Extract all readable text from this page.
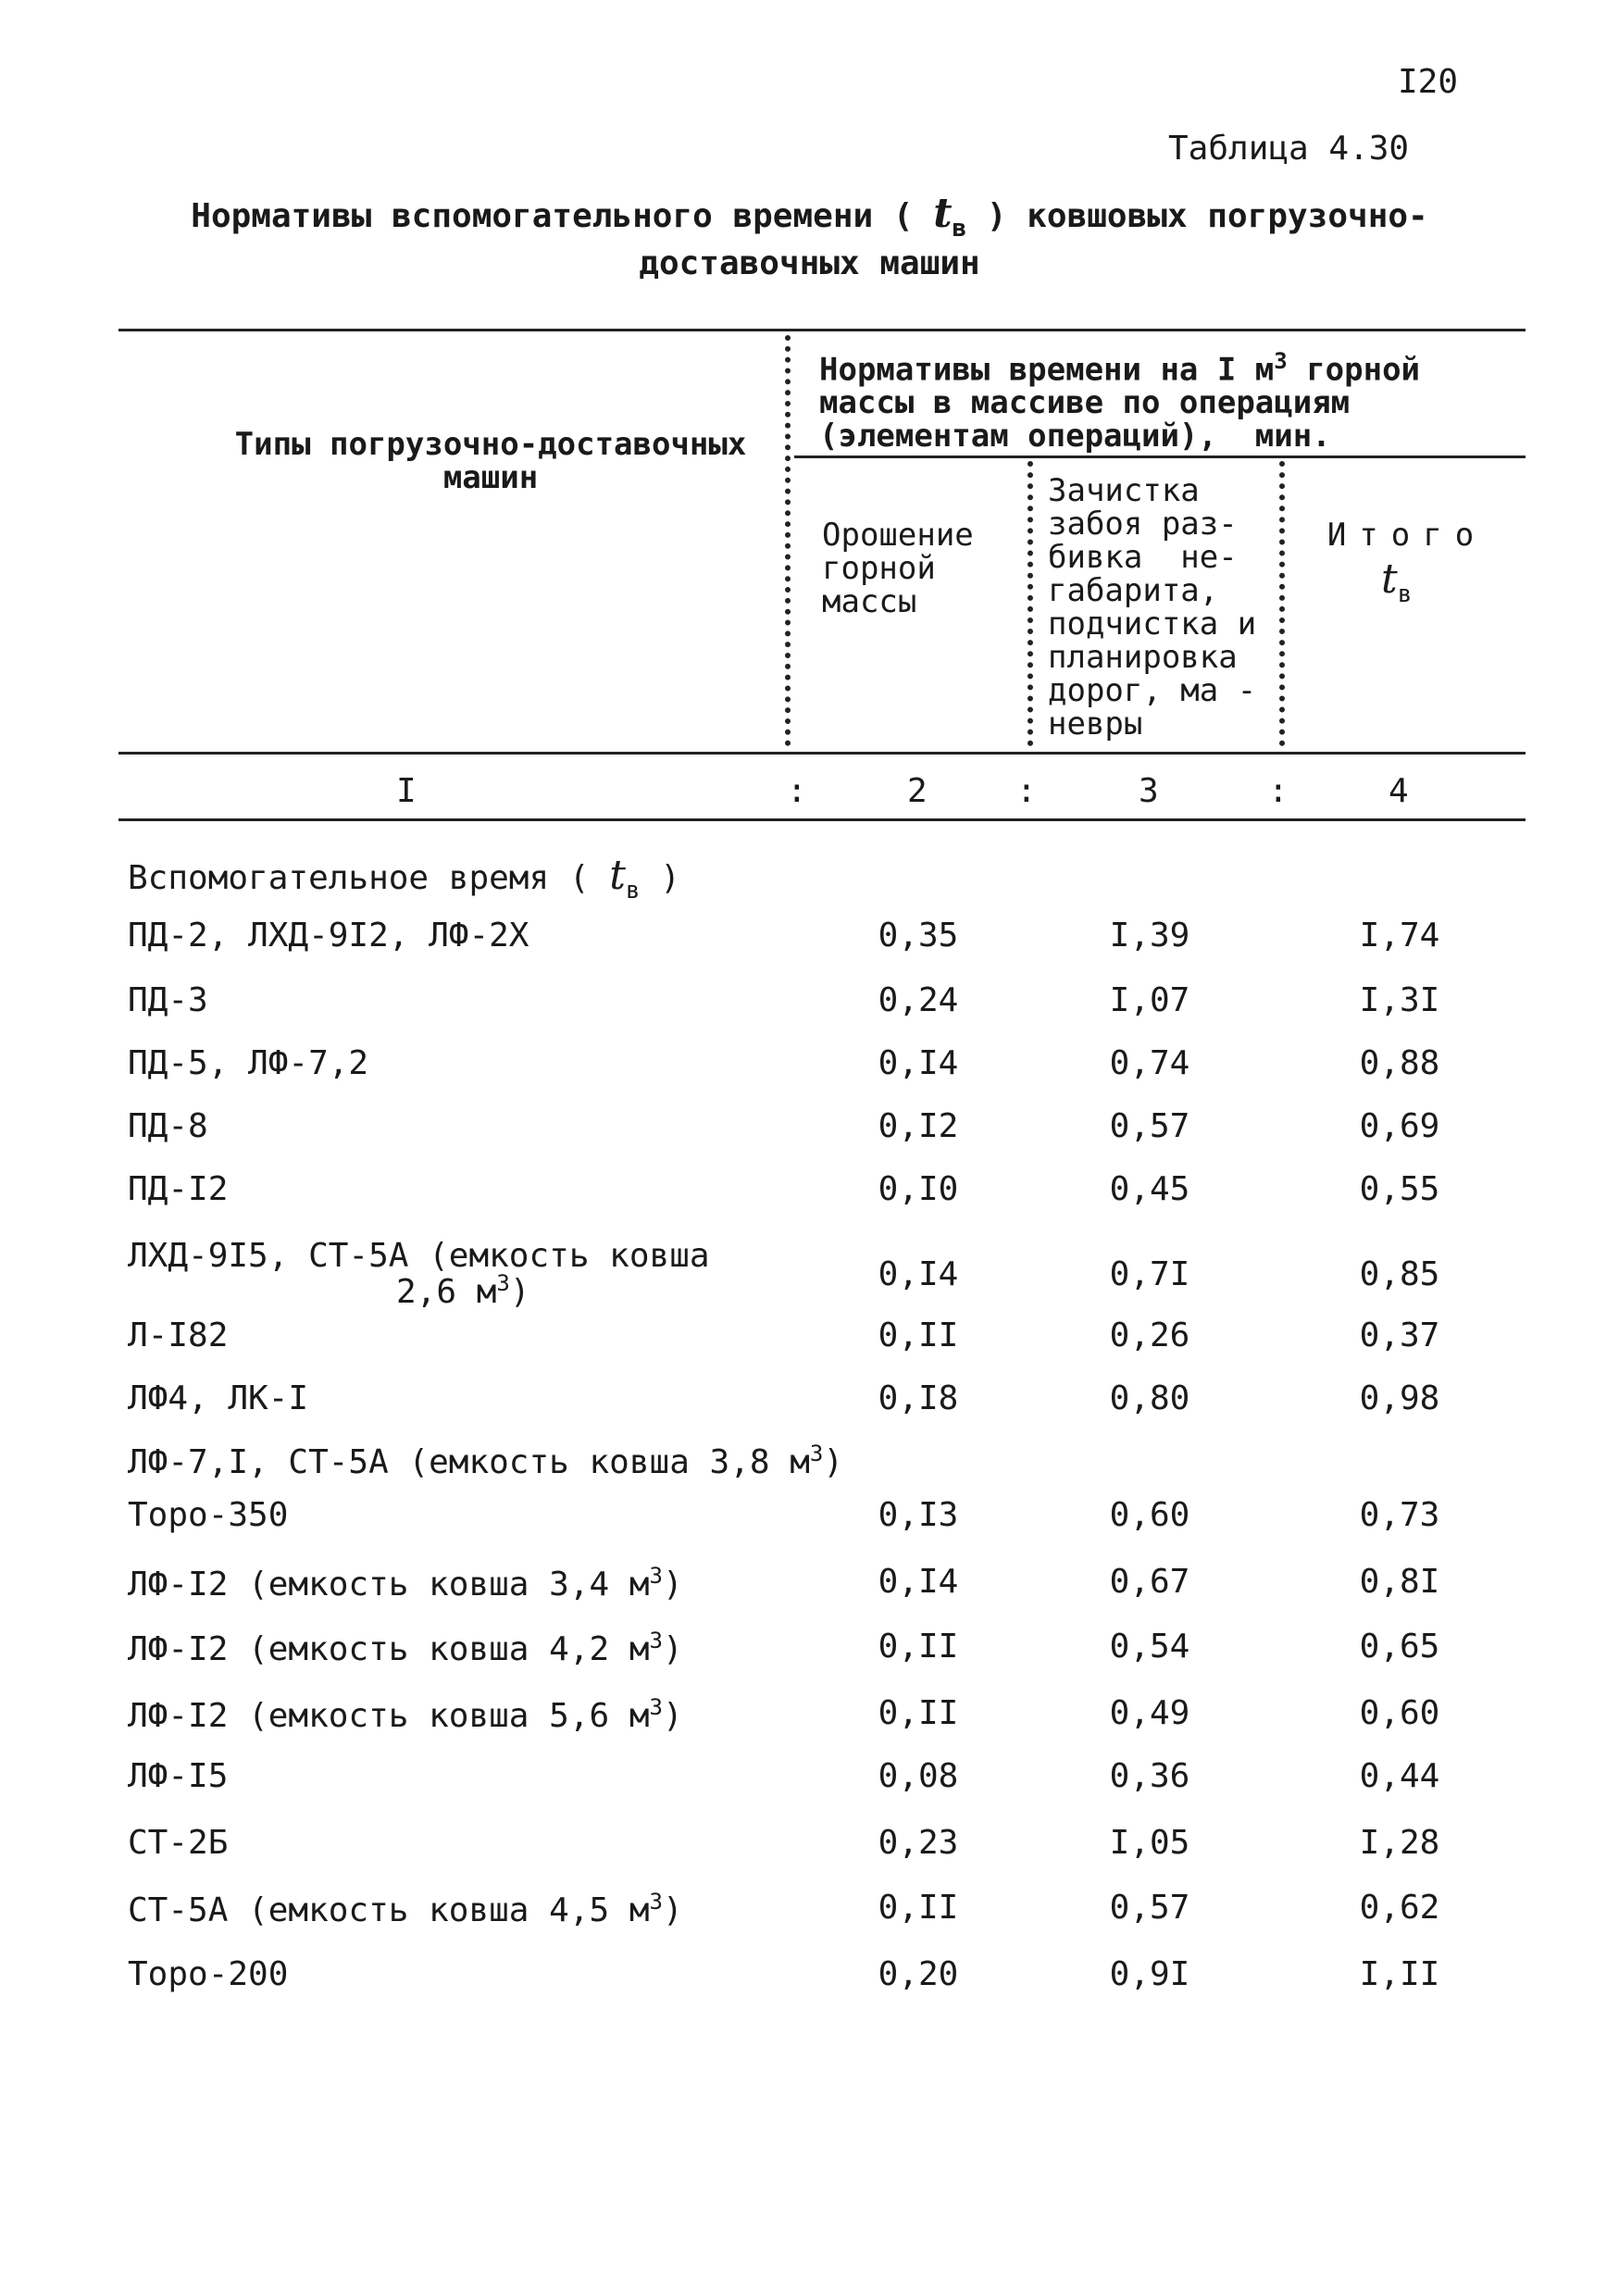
I20
Таблица 4.30
Нормативы вспомогательного времени ( $t_в$ ) ковшовых погрузочно-
доставочных машин
Типы погрузочно-доставочных машин
Нормативы времени на I $м^3$ горной
массы в массиве по операциям
(элементам операций),  мин.
Орошение
горной
массы
Зачистка
забоя раз-
бивка  не-
габарита,
подчистка и
планировка
дорог, ма -
невры
Итого
$t_в$
I	2	3	4
:	:	:
Вспомогательное время ( $t_в$ )
ПД-2, ЛХД-9I2, ЛФ-2Х	0,35	I,39	I,74
ПД-3	0,24	I,07	I,3I
ПД-5, ЛФ-7,2	0,I4	0,74	0,88
ПД-8	0,I2	0,57	0,69
ПД-I2	0,I0	0,45	0,55
ЛХД-9I5, СТ-5А (емкость ковша
2,6 $м^3$)	0,I4	0,7I	0,85
Л-I82	0,II	0,26	0,37
ЛФ4, ЛК-I	0,I8	0,80	0,98
ЛФ-7,I, СТ-5А (емкость ковша 3,8 $м^3$)
Торо-350	0,I3	0,60	0,73
ЛФ-I2 (емкость ковша 3,4 $м^3$)	0,I4	0,67	0,8I
ЛФ-I2 (емкость ковша 4,2 $м^3$)	0,II	0,54	0,65
ЛФ-I2 (емкость ковша 5,6 $м^3$)	0,II	0,49	0,60
ЛФ-I5	0,08	0,36	0,44
СТ-2Б	0,23	I,05	I,28
СТ-5А (емкость ковша 4,5 $м^3$)	0,II	0,57	0,62
Торо-200	0,20	0,9I	I,II
